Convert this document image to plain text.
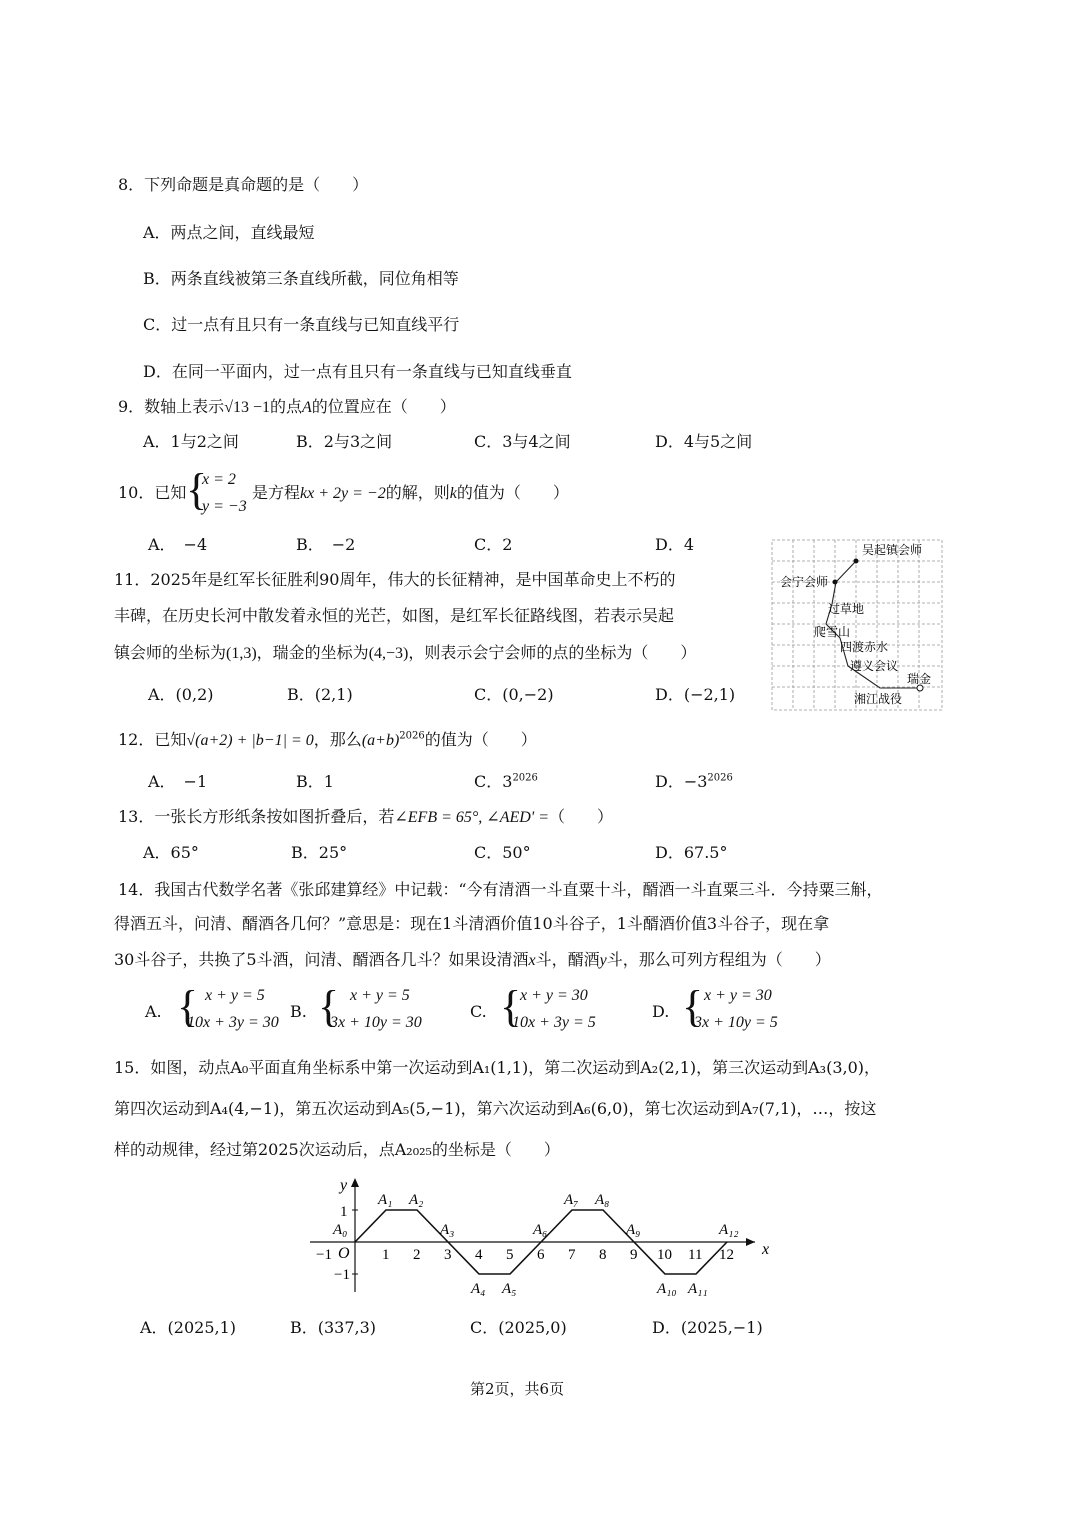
8．下列命题是真命题的是（　　）
A．两点之间，直线最短
B．两条直线被第三条直线所截，同位角相等
C．过一点有且只有一条直线与已知直线平行
D．在同一平面内，过一点有且只有一条直线与已知直线垂直
9．数轴上表示√13 −1的点A的位置应在（　　）
A．1与2之间	B．2与3之间	C．3与4之间	D．4与5之间
10．已知 {
x = 2
y = −3
是方程kx + 2y = −2的解，则k的值为（　　）
A．　−4	B．　−2	C．2	D．4
11．2025年是红军长征胜利90周年，伟大的长征精神，是中国革命史上不朽的
丰碑，在历史长河中散发着永恒的光芒，如图，是红军长征路线图，若表示吴起
镇会师的坐标为(1,3)，瑞金的坐标为(4,−3)，则表示会宁会师的点的坐标为（　　）
A．(0,2)	B．(2,1)	C．(0,−2)	D．(−2,1)
吴起镇会师
会宁会师
过草地
爬雪山
四渡赤水
遵义会议
瑞金
湘江战役
12．已知√(a+2) + |b−1| = 0，那么$(a+b)^{2026}$的值为（　　）
A．　−1	B．1	C．$3^{2026}$	D．$-3^{2026}$
13．一张长方形纸条按如图折叠后，若∠EFB = 65°, ∠AED' =（　　）
A．65°	B．25°	C．50°	D．67.5°
14．我国古代数学名著《张邱建算经》中记载：“今有清酒一斗直粟十斗，醑酒一斗直粟三斗．今持粟三斛，
得酒五斗，问清、醑酒各几何？”意思是：现在1斗清酒价值10斗谷子，1斗醑酒价值3斗谷子，现在拿
30斗谷子，共换了5斗酒，问清、醑酒各几斗？如果设清酒x斗，醑酒y斗，那么可列方程组为（　　）
A. { x + y = 5
10x + 3y = 30
B. { x + y = 5
3x + 10y = 30
C. {
x + y = 30
10x + 3y = 5
D. { x + y = 30
3x + 10y = 5
15．如图，动点A₀平面直角坐标系中第一次运动到A₁(1,1)，第二次运动到A₂(2,1)，第三次运动到A₃(3,0)，
第四次运动到A₄(4,−1)，第五次运动到A₅(5,−1)，第六次运动到A₆(6,0)，第七次运动到A₇(7,1)，…，按这
样的动规律，经过第2025次运动后，点A₂₀₂₅的坐标是（　　）
x
y
O
1
−1
−1	1 2 3 4 5 6 7 8 9 10 11 12
A₀
A₁ A₂
A₃
A₄ A₅
A₆
A₇ A₈
A₉
A₁₀ A₁₁
A₁₂
A．(2025,1)	B．(337,3)	C．(2025,0)	D．(2025,−1)
第2页，共6页
